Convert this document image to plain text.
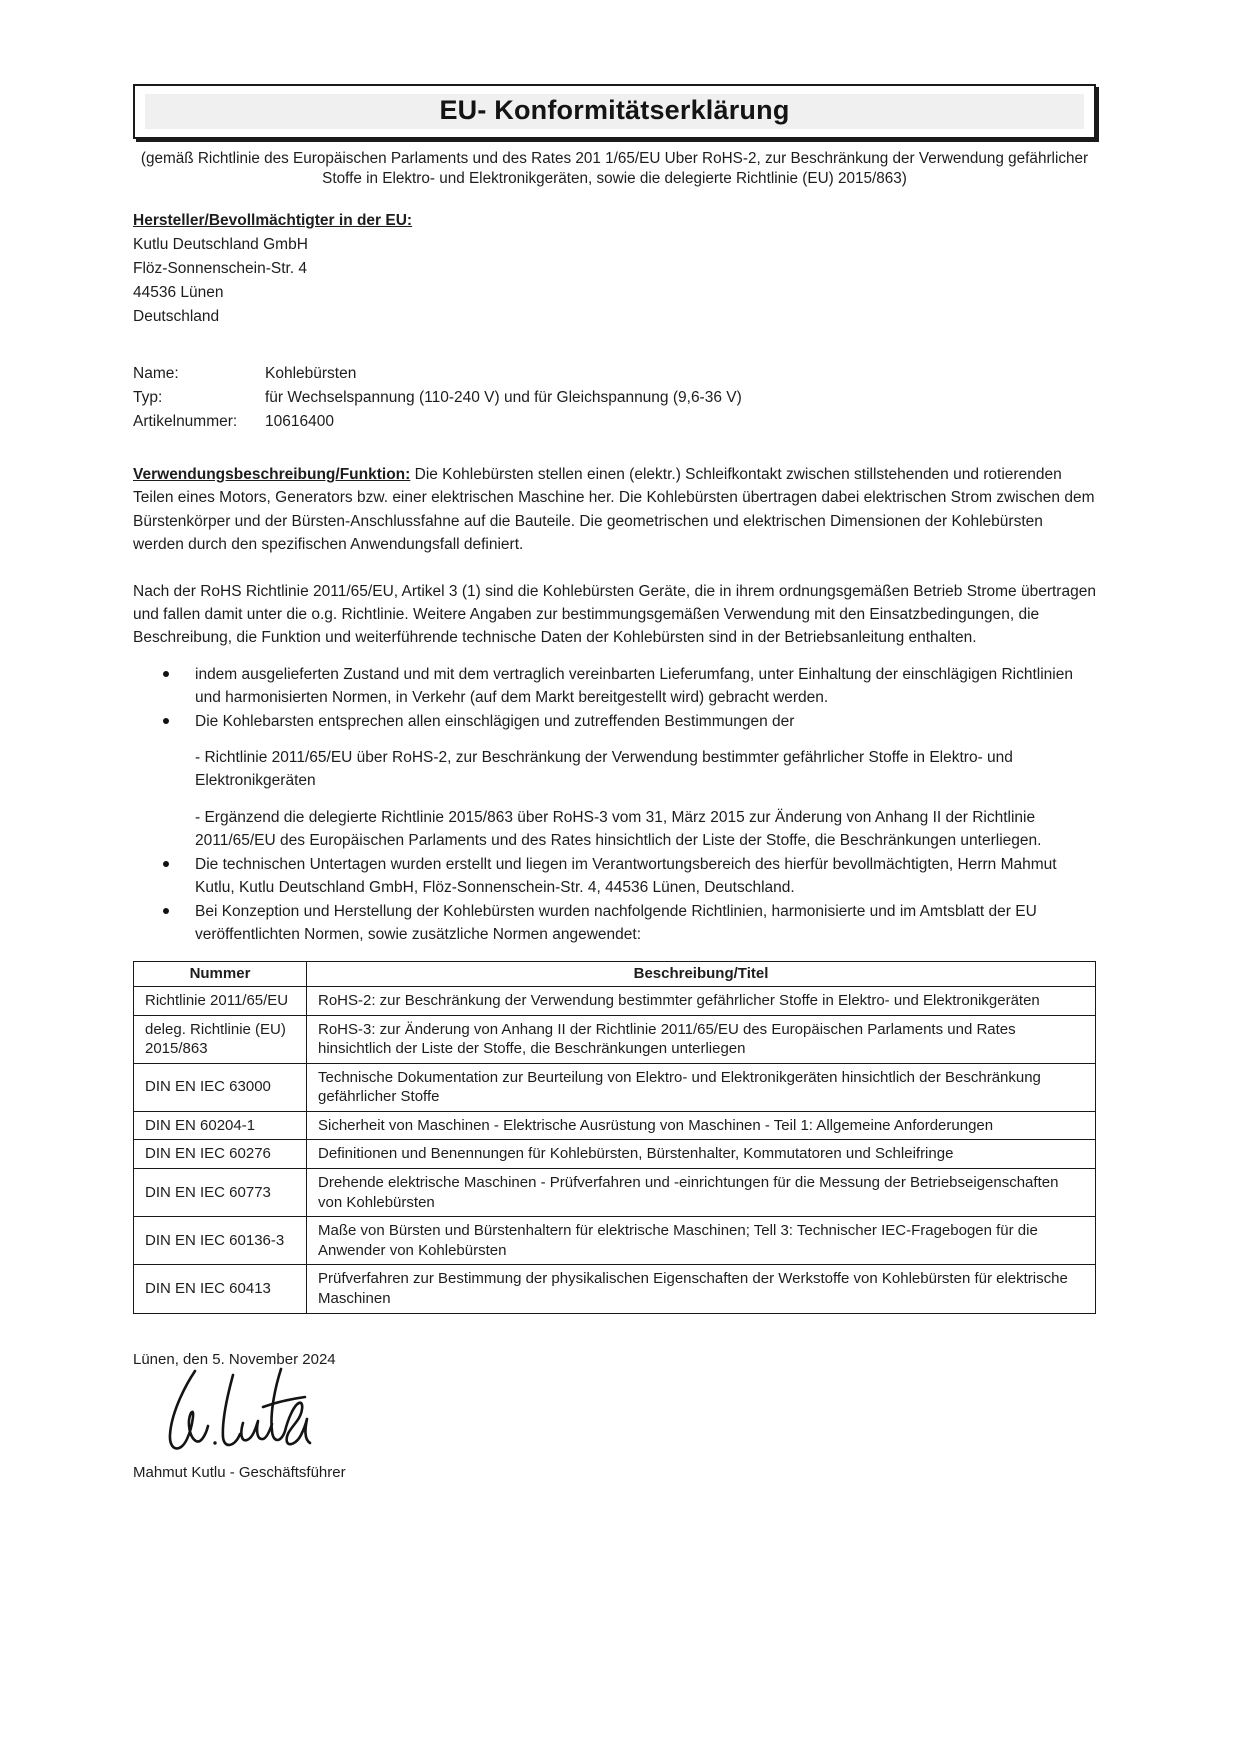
EU- Konformitätserklärung
(gemäß Richtlinie des Europäischen Parlaments und des Rates 201 1/65/EU Uber RoHS-2, zur Beschränkung der Verwendung gefährlicher Stoffe in Elektro- und Elektronikgeräten, sowie die delegierte Richtlinie (EU) 2015/863)
Hersteller/Bevollmächtigter in der EU:
Kutlu Deutschland GmbH
Flöz-Sonnenschein-Str. 4
44536 Lünen
Deutschland
Name:	Kohlebürsten
Typ:	für Wechselspannung (110-240 V) und für Gleichspannung (9,6-36 V)
Artikelnummer:	10616400

Verwendungsbeschreibung/Funktion: Die Kohlebürsten stellen einen (elektr.) Schleifkontakt zwischen stillstehenden und rotierenden Teilen eines Motors, Generators bzw. einer elektrischen Maschine her. Die Kohlebürsten übertragen dabei elektrischen Strom zwischen dem Bürstenkörper und der Bürsten-Anschlussfahne auf die Bauteile. Die geometrischen und elektrischen Dimensionen der Kohlebürsten werden durch den spezifischen Anwendungsfall definiert.

Nach der RoHS Richtlinie 2011/65/EU, Artikel 3 (1) sind die Kohlebürsten Geräte, die in ihrem ordnungsgemäßen Betrieb Strome übertragen und fallen damit unter die o.g. Richtlinie. Weitere Angaben zur bestimmungsgemäßen Verwendung mit den Einsatzbedingungen, die Beschreibung, die Funktion und weiterführende technische Daten der Kohlebürsten sind in der Betriebsanleitung enthalten.

indem ausgelieferten Zustand und mit dem vertraglich vereinbarten Lieferumfang, unter Einhaltung der einschlägigen Richtlinien und harmonisierten Normen, in Verkehr (auf dem Markt bereitgestellt wird) gebracht werden.
Die Kohlebarsten entsprechen allen einschlägigen und zutreffenden Bestimmungen der
- Richtlinie 2011/65/EU über RoHS-2, zur Beschränkung der Verwendung bestimmter gefährlicher Stoffe in Elektro- und Elektronikgeräten
- Ergänzend die delegierte Richtlinie 2015/863 über RoHS-3 vom 31, März 2015 zur Änderung von Anhang II der Richtlinie 2011/65/EU des Europäischen Parlaments und des Rates hinsichtlich der Liste der Stoffe, die Beschränkungen unterliegen.
Die technischen Untertagen wurden erstellt und liegen im Verantwortungsbereich des hierfür bevollmächtigten, Herrn Mahmut Kutlu, Kutlu Deutschland GmbH, Flöz-Sonnenschein-Str. 4, 44536 Lünen, Deutschland.
Bei Konzeption und Herstellung der Kohlebürsten wurden nachfolgende Richtlinien, harmonisierte und im Amtsblatt der EU veröffentlichten Normen, sowie zusätzliche Normen angewendet:
Nummer	Beschreibung/Titel
Richtlinie 2011/65/EU	RoHS-2: zur Beschränkung der Verwendung bestimmter gefährlicher Stoffe in Elektro- und Elektronikgeräten
deleg. Richtlinie (EU) 2015/863	RoHS-3: zur Änderung von Anhang II der Richtlinie 2011/65/EU des Europäischen Parlaments und Rates hinsichtlich der Liste der Stoffe, die Beschränkungen unterliegen
DIN EN IEC 63000	Technische Dokumentation zur Beurteilung von Elektro- und Elektronikgeräten hinsichtlich der Beschränkung gefährlicher Stoffe
DIN EN 60204-1	Sicherheit von Maschinen - Elektrische Ausrüstung von Maschinen - Teil 1: Allgemeine Anforderungen
DIN EN IEC 60276	Definitionen und Benennungen für Kohlebürsten, Bürstenhalter, Kommutatoren und Schleifringe
DIN EN IEC 60773	Drehende elektrische Maschinen - Prüfverfahren und -einrichtungen für die Messung der Betriebseigenschaften von Kohlebürsten
DIN EN IEC 60136-3	Maße von Bürsten und Bürstenhaltern für elektrische Maschinen; Tell 3: Technischer IEC-Fragebogen für die Anwender von Kohlebürsten
DIN EN IEC 60413	Prüfverfahren zur Bestimmung der physikalischen Eigenschaften der Werkstoffe von Kohlebürsten für elektrische Maschinen
Lünen, den 5. November 2024
Mahmut Kutlu - Geschäftsführer
